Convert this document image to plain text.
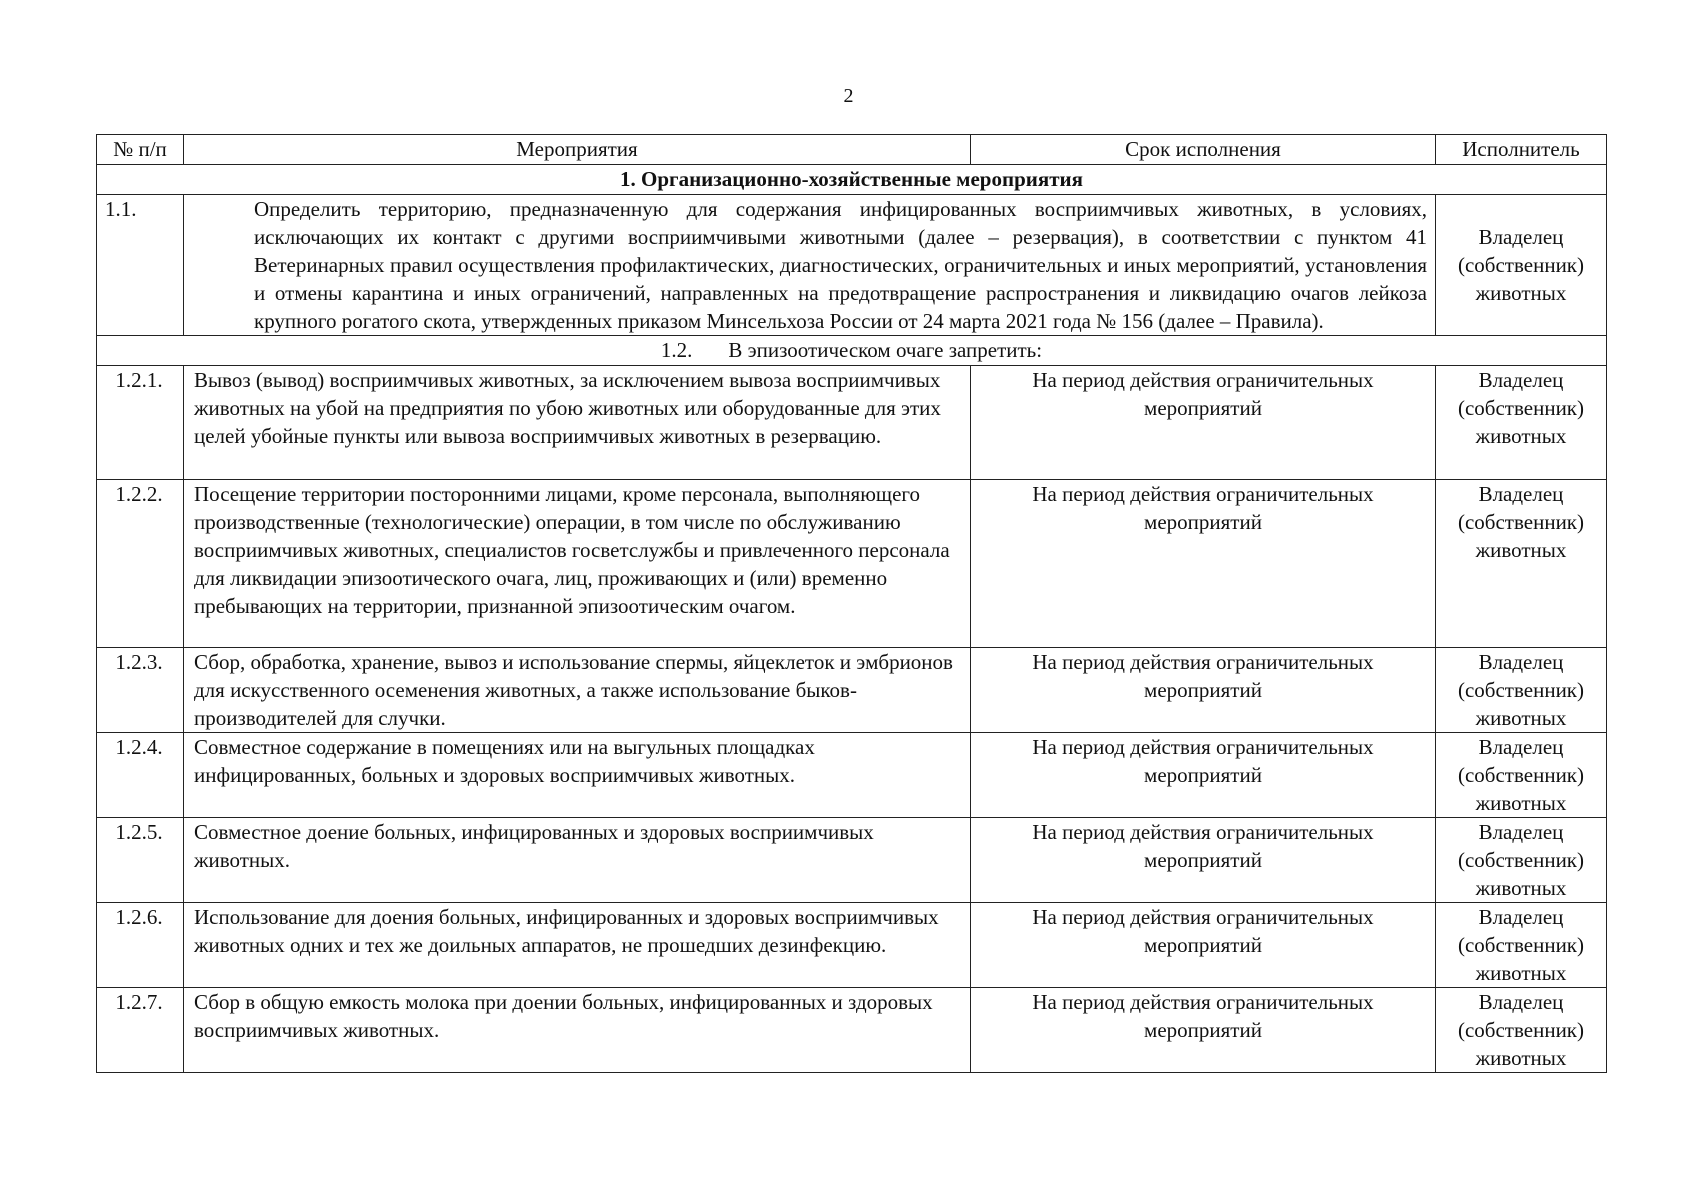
2
№ п/п	Мероприятия	Срок исполнения	Исполнитель
1. Организационно-хозяйственные мероприятия			
1.1.	Определить территорию, предназначенную для содержания инфицированных восприимчивых животных, в условиях, исключающих их контакт с другими восприимчивыми животными (далее – резервация), в соответствии с пунктом 41 Ветеринарных правил осуществления профилактических, диагностических, ограничительных и иных мероприятий, установления и отмены карантина и иных ограничений, направленных на предотвращение распространения и ликвидацию очагов лейкоза крупного рогатого скота, утвержденных приказом Минсельхоза России от 24 марта 2021 года № 156 (далее – Правила).		Владелец (собственник) животных
1.2. В эпизоотическом очаге запретить:			
1.2.1.	Вывоз (вывод) восприимчивых животных, за исключением вывоза восприимчивых животных на убой на предприятия по убою животных или оборудованные для этих целей убойные пункты или вывоза восприимчивых животных в резервацию.	На период действия ограничительных мероприятий	Владелец (собственник) животных
1.2.2.	Посещение территории посторонними лицами, кроме персонала, выполняющего производственные (технологические) операции, в том числе по обслуживанию восприимчивых животных, специалистов госветслужбы и привлеченного персонала для ликвидации эпизоотического очага, лиц, проживающих и (или) временно пребывающих на территории, признанной эпизоотическим очагом.	На период действия ограничительных мероприятий	Владелец (собственник) животных
1.2.3.	Сбор, обработка, хранение, вывоз и использование спермы, яйцеклеток и эмбрионов для искусственного осеменения животных, а также использование быков-производителей для случки.	На период действия ограничительных мероприятий	Владелец (собственник) животных
1.2.4.	Совместное содержание в помещениях или на выгульных площадках инфицированных, больных и здоровых восприимчивых животных.	На период действия ограничительных мероприятий	Владелец (собственник) животных
1.2.5.	Совместное доение больных, инфицированных и здоровых восприимчивых животных.	На период действия ограничительных мероприятий	Владелец (собственник) животных
1.2.6.	Использование для доения больных, инфицированных и здоровых восприимчивых животных одних и тех же доильных аппаратов, не прошедших дезинфекцию.	На период действия ограничительных мероприятий	Владелец (собственник) животных
1.2.7.	Сбор в общую емкость молока при доении больных, инфицированных и здоровых восприимчивых животных.	На период действия ограничительных мероприятий	Владелец (собственник) животных
